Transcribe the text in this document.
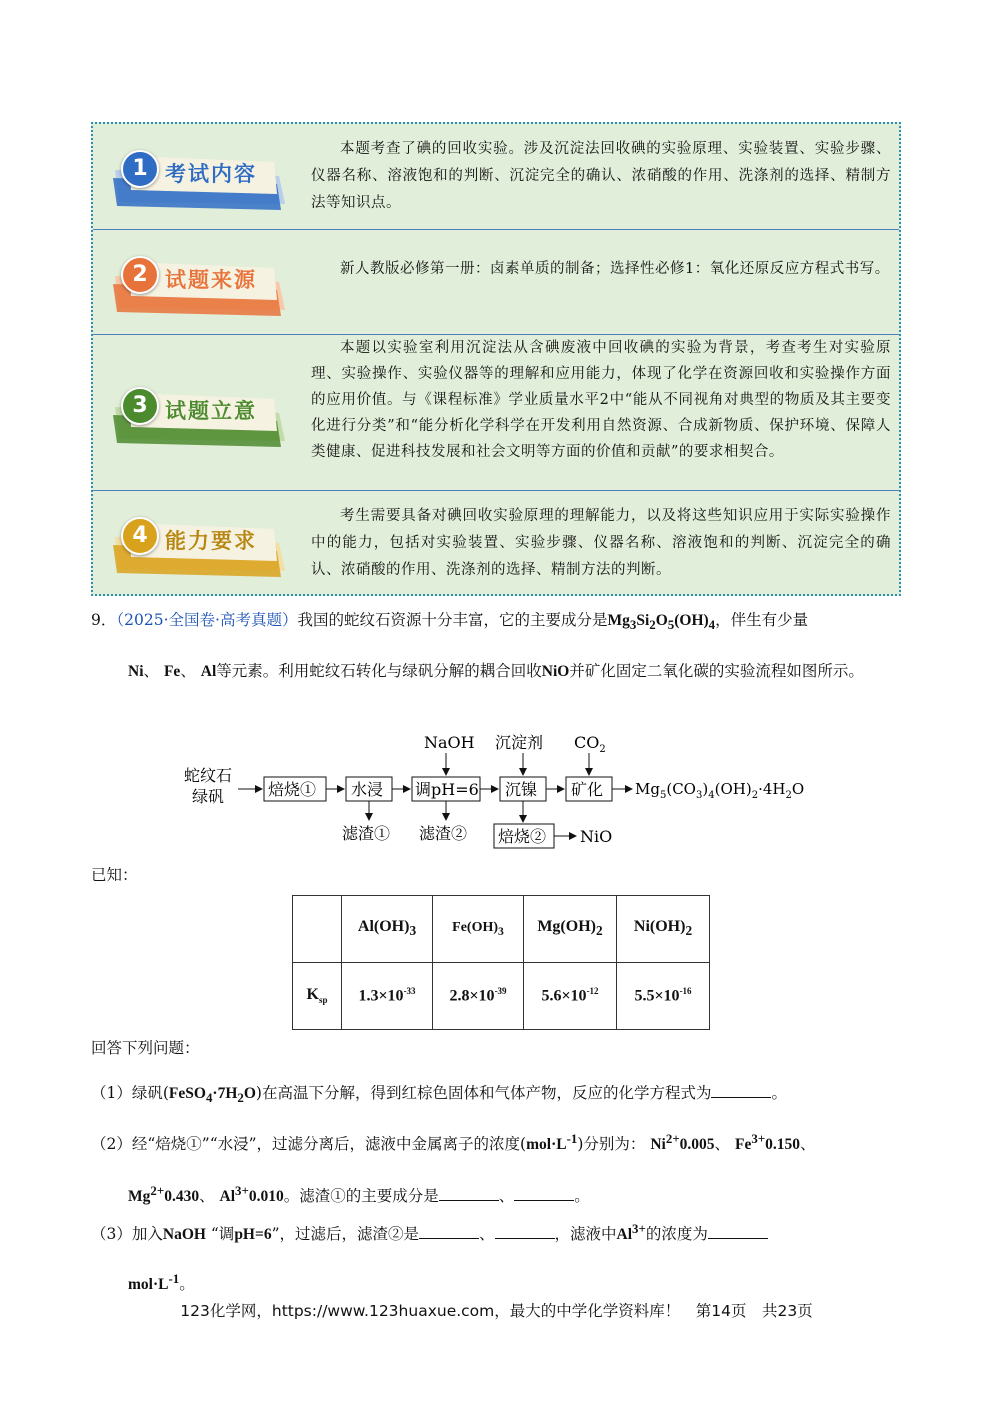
1 考试内容
本题考查了碘的回收实验。涉及沉淀法回收碘的实验原理、实验装置、实验步骤、仪器名称、溶液饱和的判断、沉淀完全的确认、浓硝酸的作用、洗涤剂的选择、精制方法等知识点。
2 试题来源	新人教版必修第一册：卤素单质的制备；选择性必修1：氧化还原反应方程式书写。
3 试题立意
本题以实验室利用沉淀法从含碘废液中回收碘的实验为背景，考查考生对实验原理、实验操作、实验仪器等的理解和应用能力，体现了化学在资源回收和实验操作方面的应用价值。与《课程标准》学业质量水平2中“能从不同视角对典型的物质及其主要变化进行分类”和“能分析化学科学在开发利用自然资源、合成新物质、保护环境、保障人类健康、促进科技发展和社会文明等方面的价值和贡献”的要求相契合。
4 能力要求
考生需要具备对碘回收实验原理的理解能力，以及将这些知识应用于实际实验操作中的能力，包括对实验装置、实验步骤、仪器名称、溶液饱和的判断、沉淀完全的确认、浓硝酸的作用、洗涤剂的选择、精制方法的判断。
9．（2025·全国卷·高考真题）我国的蛇纹石资源十分丰富，它的主要成分是$Mg_3Si_2O_5(OH)_4$，伴生有少量
Ni、 Fe、 Al等元素。利用蛇纹石转化与绿矾分解的耦合回收NiO并矿化固定二氧化碳的实验流程如图所示。
蛇纹石
绿矾	焙烧① 水浸 调pH=6 沉镍 矿化 $Mg_5(CO_3)_4(OH)_2\cdot 4H_2O$
NaOH 沉淀剂 $CO_2$
滤渣① 滤渣② 焙烧② NiO
已知：
	$Al(OH)_3$	$Fe(OH)_3$	$Mg(OH)_2$	$Ni(OH)_2$
$K_{sp}$	$1.3\times 10^{-33}$	$2.8\times 10^{-39}$	$5.6\times 10^{-12}$	$5.5\times 10^{-16}$
回答下列问题：
（1）绿矾$(FeSO_4\cdot 7H_2O)$在高温下分解，得到红棕色固体和气体产物，反应的化学方程式为	。
（2）经“焙烧①”“水浸”，过滤分离后，滤液中金属离子的浓度$(mol\cdot L^{-1})$分别为： $Ni^{2+}0.005$、 $Fe^{3+}0.150$、
$Mg^{2+}0.430$、 $Al^{3+}0.010$。滤渣①的主要成分是	、	。
（3）加入NaOH “调pH=6”，过滤后，滤渣②是	、	，滤液中$Al^{3+}$的浓度为
$mol\cdot L^{-1}$。
123化学网，https://www.123huaxue.com，最大的中学化学资料库！　第14页　共23页
